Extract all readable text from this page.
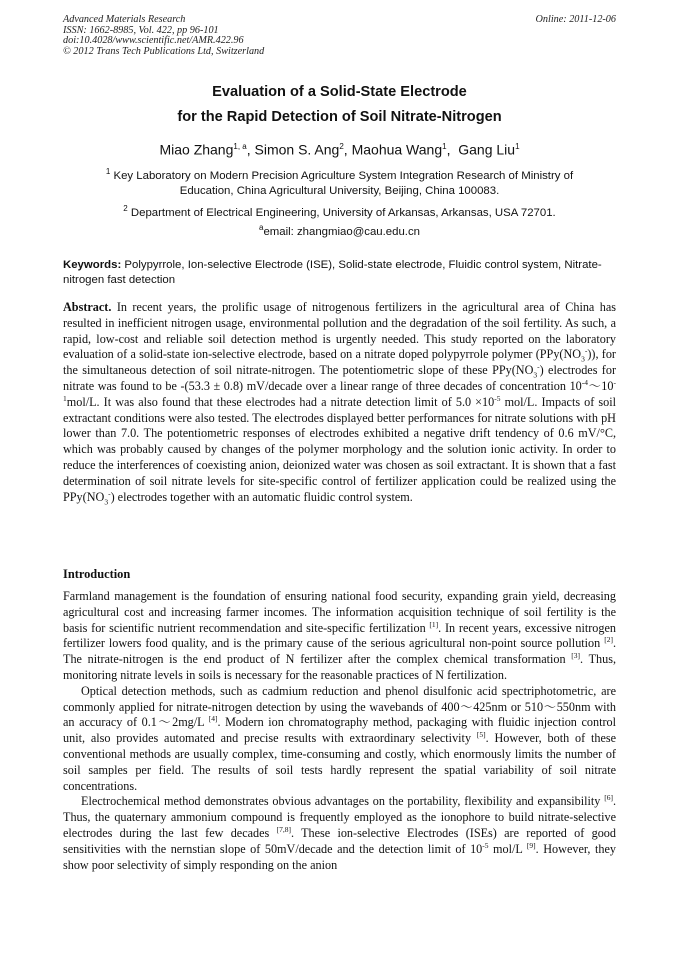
Advanced Materials Research
ISSN: 1662-8985, Vol. 422, pp 96-101
doi:10.4028/www.scientific.net/AMR.422.96
© 2012 Trans Tech Publications Ltd, Switzerland
Online: 2011-12-06
Evaluation of a Solid-State Electrode
for the Rapid Detection of Soil Nitrate-Nitrogen
Miao Zhang$^{1, a}$, Simon S. Ang$^2$, Maohua Wang$^1$,  Gang Liu$^1$
$^1$ Key Laboratory on Modern Precision Agriculture System Integration Research of Ministry of
Education, China Agricultural University, Beijing, China 100083.
$^2$ Department of Electrical Engineering, University of Arkansas, Arkansas, USA 72701.
$^a$email: zhangmiao@cau.edu.cn
Keywords: Polypyrrole, Ion-selective Electrode (ISE), Solid-state electrode, Fluidic control system, Nitrate-nitrogen fast detection

Abstract. In recent years, the prolific usage of nitrogenous fertilizers in the agricultural area of China has resulted in inefficient nitrogen usage, environmental pollution and the degradation of the soil fertility. As such, a rapid, low-cost and reliable soil detection method is urgently needed. This study reported on the laboratory evaluation of a solid-state ion-selective electrode, based on a nitrate doped polypyrrole polymer $(PPy(NO_3^-))$, for the simultaneous detection of soil nitrate-nitrogen. The potentiometric slope of these $PPy(NO_3^-)$ electrodes for nitrate was found to be -(53.3 ± 0.8) mV/decade over a linear range of three decades of concentration $10^{-4}\sim 10^{-1}mol/L$. It was also found that these electrodes had a nitrate detection limit of $5.0 \times 10^{-5}$ mol/L. Impacts of soil extractant conditions were also tested. The electrodes displayed better performances for nitrate solutions with pH lower than 7.0. The potentiometric responses of electrodes exhibited a negative drift tendency of 0.6 mV/°C, which was probably caused by changes of the polymer morphology and the solution ionic activity. In order to reduce the interferences of coexisting anion, deionized water was chosen as soil extractant. It is shown that a fast determination of soil nitrate levels for site-specific control of fertilizer application could be realized using the $PPy(NO_3^-)$ electrodes together with an automatic fluidic control system.

Introduction

Farmland management is the foundation of ensuring national food security, expanding grain yield, decreasing agricultural cost and increasing farmer incomes. The information acquisition technique of soil fertility is the basis for scientific nutrient recommendation and site-specific fertilization [1]. In recent years, excessive nitrogen fertilizer lowers food quality, and is the primary cause of the serious agricultural non-point source pollution [2]. The nitrate-nitrogen is the end product of N fertilizer after the complex chemical transformation [3]. Thus, monitoring nitrate levels in soils is necessary for the reasonable practices of N fertilization.

Optical detection methods, such as cadmium reduction and phenol disulfonic acid spectriphotometric, are commonly applied for nitrate-nitrogen detection by using the wavebands of 400～425nm or 510～550nm with an accuracy of 0.1～2mg/L [4]. Modern ion chromatography method, packaging with fluidic injection control unit, also provides automated and precise results with extraordinary selectivity [5]. However, both of these conventional methods are usually complex, time-consuming and costly, which enormously limits the number of soil samples per field. The results of soil tests hardly represent the spatial variability of soil nitrate concentrations.

Electrochemical method demonstrates obvious advantages on the portability, flexibility and expansibility [6]. Thus, the quaternary ammonium compound is frequently employed as the ionophore to build nitrate-selective electrodes during the last few decades [7,8]. These ion-selective Electrodes (ISEs) are reported of good sensitivities with the nernstian slope of 50mV/decade and the detection limit of $10^{-5}$ mol/L [9]. However, they show poor selectivity of simply responding on the anion
